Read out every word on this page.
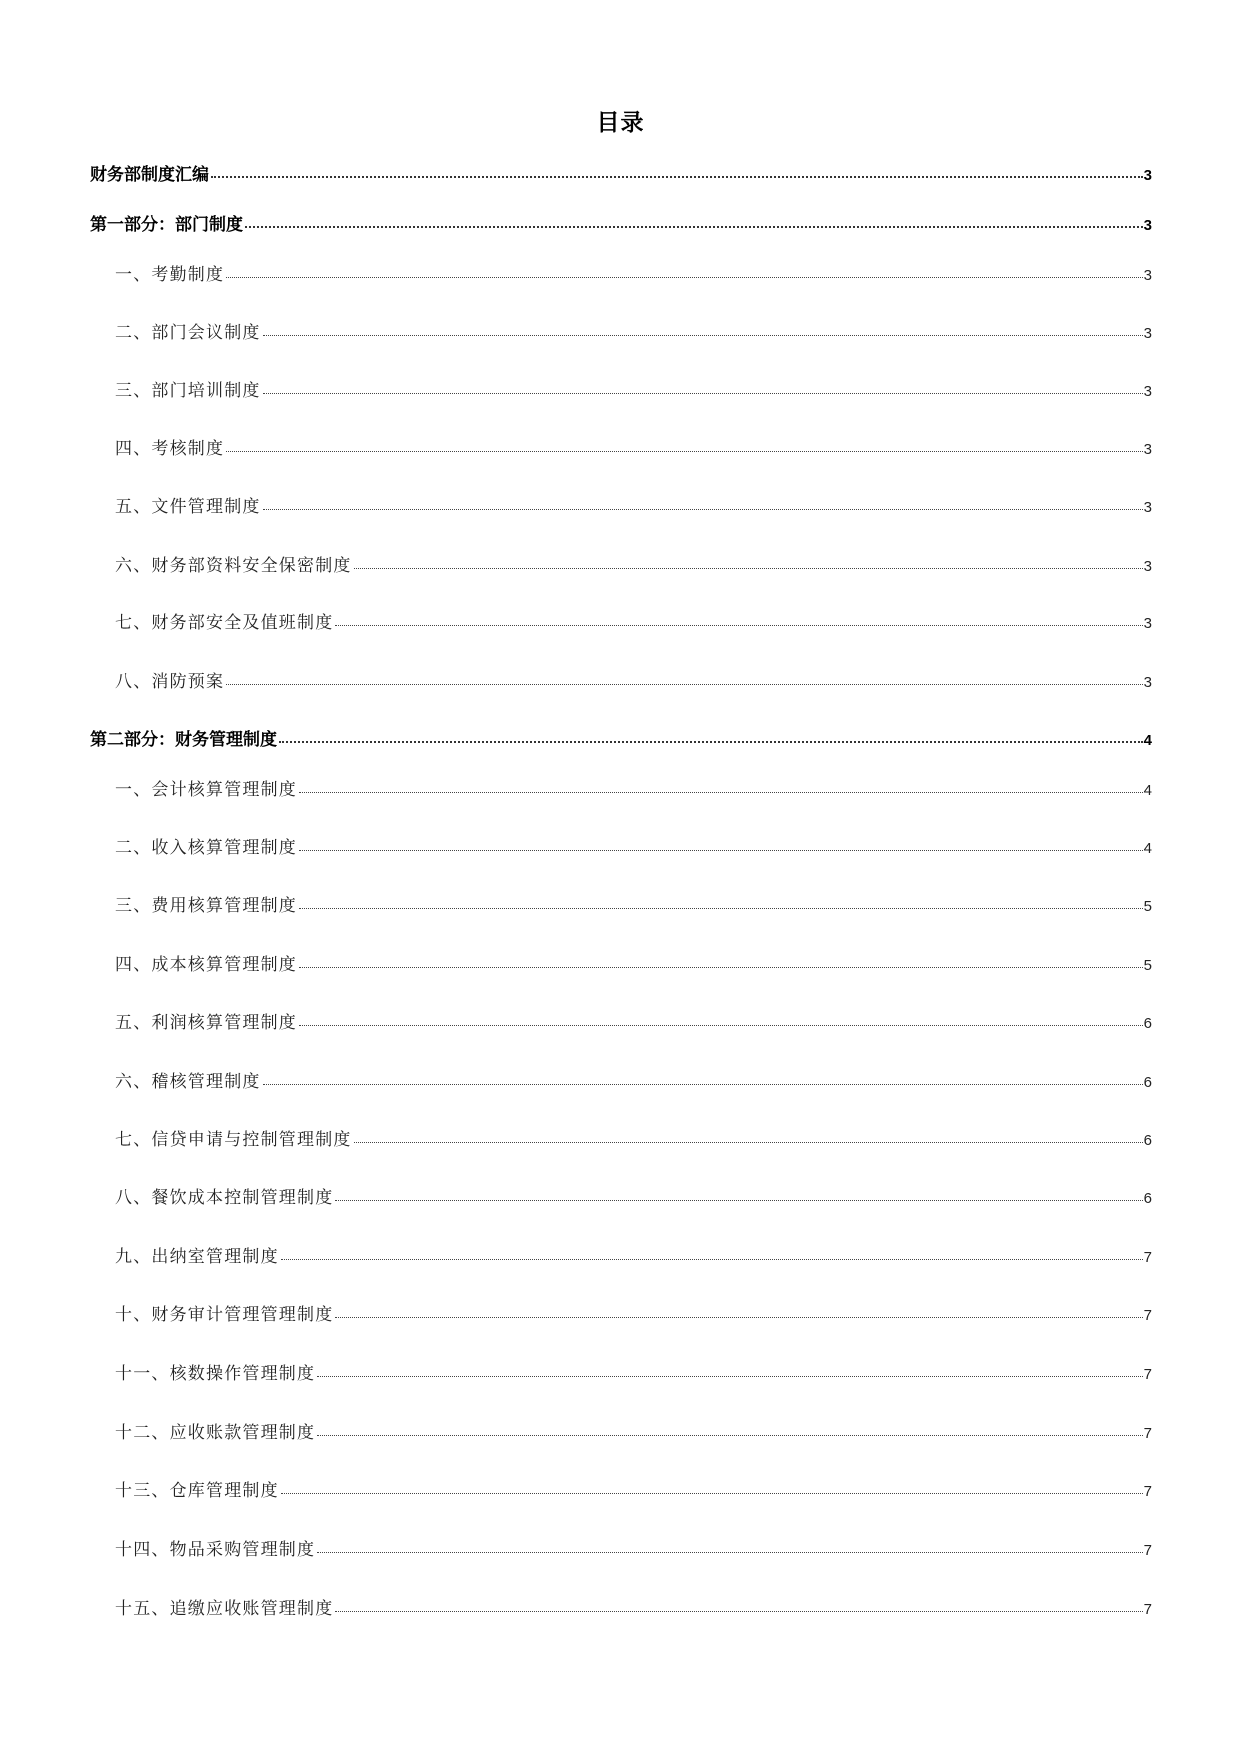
目录
财务部制度汇编	3
第一部分：部门制度	3
一、考勤制度	3
二、部门会议制度	3
三、部门培训制度	3
四、考核制度	3
五、文件管理制度	3
六、财务部资料安全保密制度	3
七、财务部安全及值班制度	3
八、消防预案	3
第二部分：财务管理制度	4
一、会计核算管理制度	4
二、收入核算管理制度	4
三、费用核算管理制度	5
四、成本核算管理制度	5
五、利润核算管理制度	6
六、稽核管理制度	6
七、信贷申请与控制管理制度	6
八、餐饮成本控制管理制度	6
九、出纳室管理制度	7
十、财务审计管理管理制度	7
十一、核数操作管理制度	7
十二、应收账款管理制度	7
十三、仓库管理制度	7
十四、物品采购管理制度	7
十五、追缴应收账管理制度	7
